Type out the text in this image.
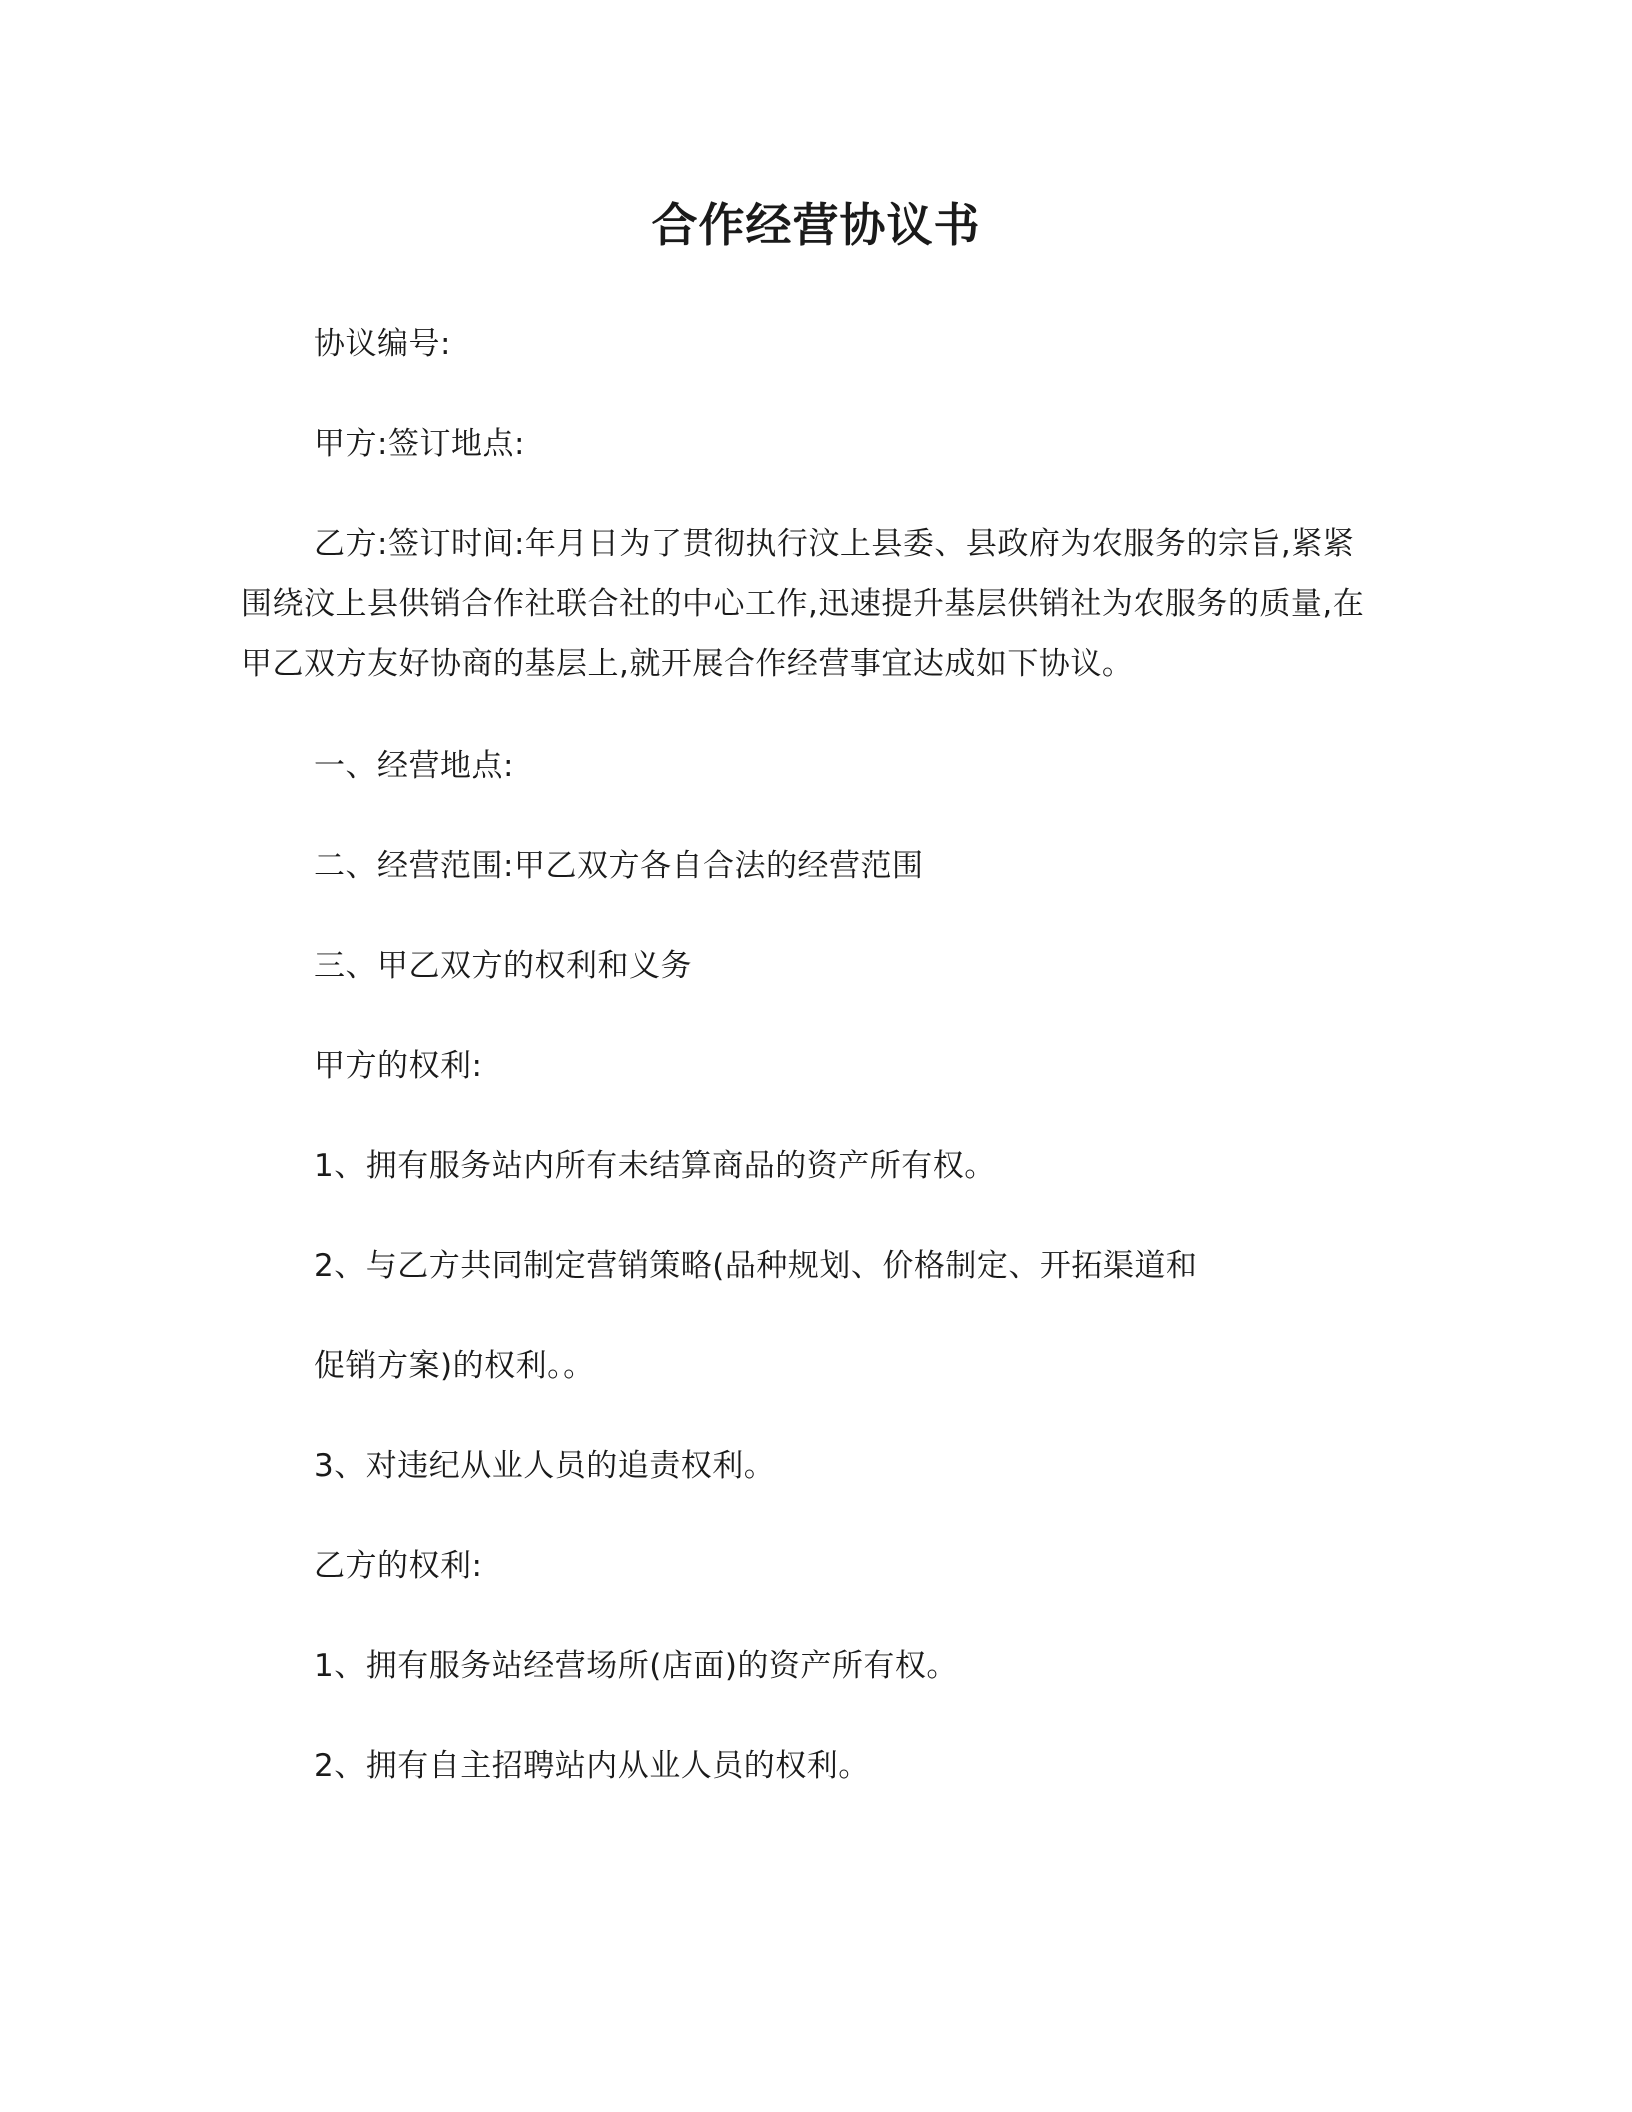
合作经营协议书
协议编号:
甲方:签订地点:
乙方:签订时间:年月日为了贯彻执行汶上县委、县政府为农服务的宗旨,紧紧
围绕汶上县供销合作社联合社的中心工作,迅速提升基层供销社为农服务的质量,在
甲乙双方友好协商的基层上,就开展合作经营事宜达成如下协议。
一、经营地点:
二、经营范围:甲乙双方各自合法的经营范围
三、甲乙双方的权利和义务
甲方的权利:
1、拥有服务站内所有未结算商品的资产所有权。
2、与乙方共同制定营销策略(品种规划、价格制定、开拓渠道和
促销方案)的权利。。
3、对违纪从业人员的追责权利。
乙方的权利:
1、拥有服务站经营场所(店面)的资产所有权。
2、拥有自主招聘站内从业人员的权利。
